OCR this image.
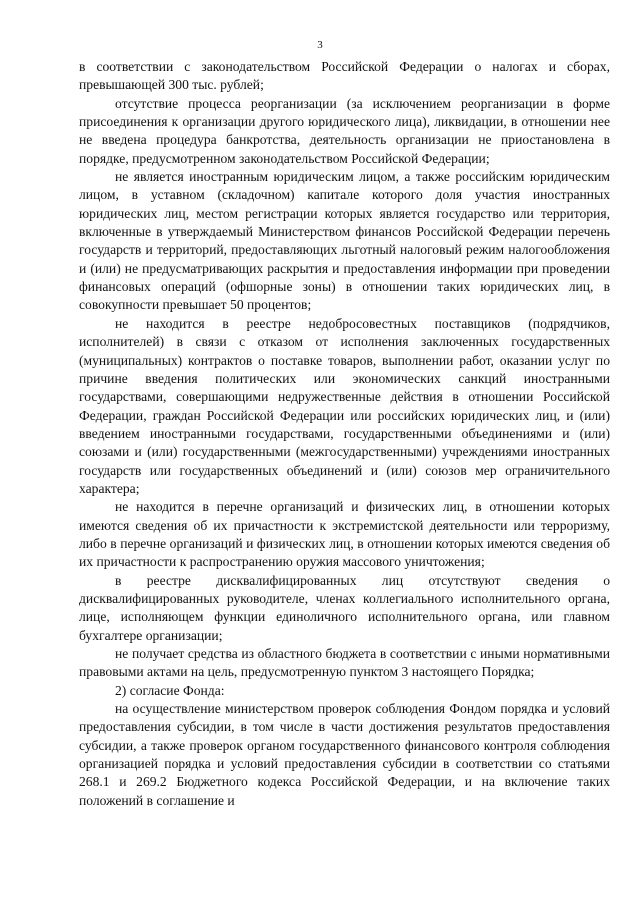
3

в соответствии с законодательством Российской Федерации о налогах и сборах, превышающей 300 тыс. рублей;

отсутствие процесса реорганизации (за исключением реорганизации в форме присоединения к организации другого юридического лица), ликвидации, в отношении нее не введена процедура банкротства, деятельность организации не приостановлена в порядке, предусмотренном законодательством Российской Федерации;

не является иностранным юридическим лицом, а также российским юридическим лицом, в уставном (складочном) капитале которого доля участия иностранных юридических лиц, местом регистрации которых является государство или территория, включенные в утверждаемый Министерством финансов Российской Федерации перечень государств и территорий, предоставляющих льготный налоговый режим налогообложения и (или) не предусматривающих раскрытия и предоставления информации при проведении финансовых операций (офшорные зоны) в отношении таких юридических лиц, в совокупности превышает 50 процентов;

не находится в реестре недобросовестных поставщиков (подрядчиков, исполнителей) в связи с отказом от исполнения заключенных государственных (муниципальных) контрактов о поставке товаров, выполнении работ, оказании услуг по причине введения политических или экономических санкций иностранными государствами, совершающими недружественные действия в отношении Российской Федерации, граждан Российской Федерации или российских юридических лиц, и (или) введением иностранными государствами, государственными объединениями и (или) союзами и (или) государственными (межгосударственными) учреждениями иностранных государств или государственных объединений и (или) союзов мер ограничительного характера;

не находится в перечне организаций и физических лиц, в отношении которых имеются сведения об их причастности к экстремистской деятельности или терроризму, либо в перечне организаций и физических лиц, в отношении которых имеются сведения об их причастности к распространению оружия массового уничтожения;

в реестре дисквалифицированных лиц отсутствуют сведения о дисквалифицированных руководителе, членах коллегиального исполнительного органа, лице, исполняющем функции единоличного исполнительного органа, или главном бухгалтере организации;

не получает средства из областного бюджета в соответствии с иными нормативными правовыми актами на цель, предусмотренную пунктом 3 настоящего Порядка;

2) согласие Фонда:

на осуществление министерством проверок соблюдения Фондом порядка и условий предоставления субсидии, в том числе в части достижения результатов предоставления субсидии, а также проверок органом государственного финансового контроля соблюдения организацией порядка и условий предоставления субсидии в соответствии со статьями 268.1 и 269.2 Бюджетного кодекса Российской Федерации, и на включение таких положений в соглашение и
